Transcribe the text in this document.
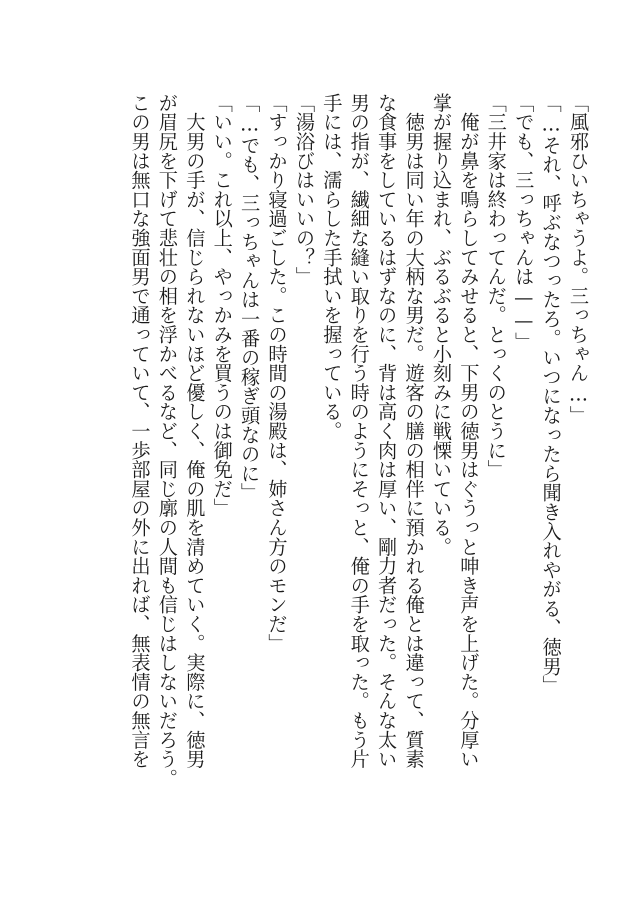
「風邪ひいちゃうよ。三っちゃん…」

「…それ、呼ぶなつったろ。いつになったら聞き入れやがる、徳男」

「でも、三っちゃんは——」

「三井家は終わってんだ。とっくのとうに」

　俺が鼻を鳴らしてみせると、下男の徳男はぐうっと呻き声を上げた。分厚い

掌が握り込まれ、ぶるぶると小刻みに戦慄いている。

　徳男は同い年の大柄な男だ。遊客の膳の相伴に預かれる俺とは違って、質素

な食事をしているはずなのに、背は高く肉は厚い、剛力者だった。そんな太い

男の指が、繊細な縫い取りを行う時のようにそっと、俺の手を取った。もう片

手には、濡らした手拭いを握っている。

「湯浴びはいいの？」

「すっかり寝過ごした。この時間の湯殿は、姉さん方のモンだ」

「…でも、三っちゃんは一番の稼ぎ頭なのに」

「いい。これ以上、やっかみを買うのは御免だ」

　大男の手が、信じられないほど優しく、俺の肌を清めていく。実際に、徳男

が眉尻を下げて悲壮の相を浮かべるなど、同じ廓の人間も信じはしないだろう。

この男は無口な強面男で通っていて、一歩部屋の外に出れば、無表情の無言を
